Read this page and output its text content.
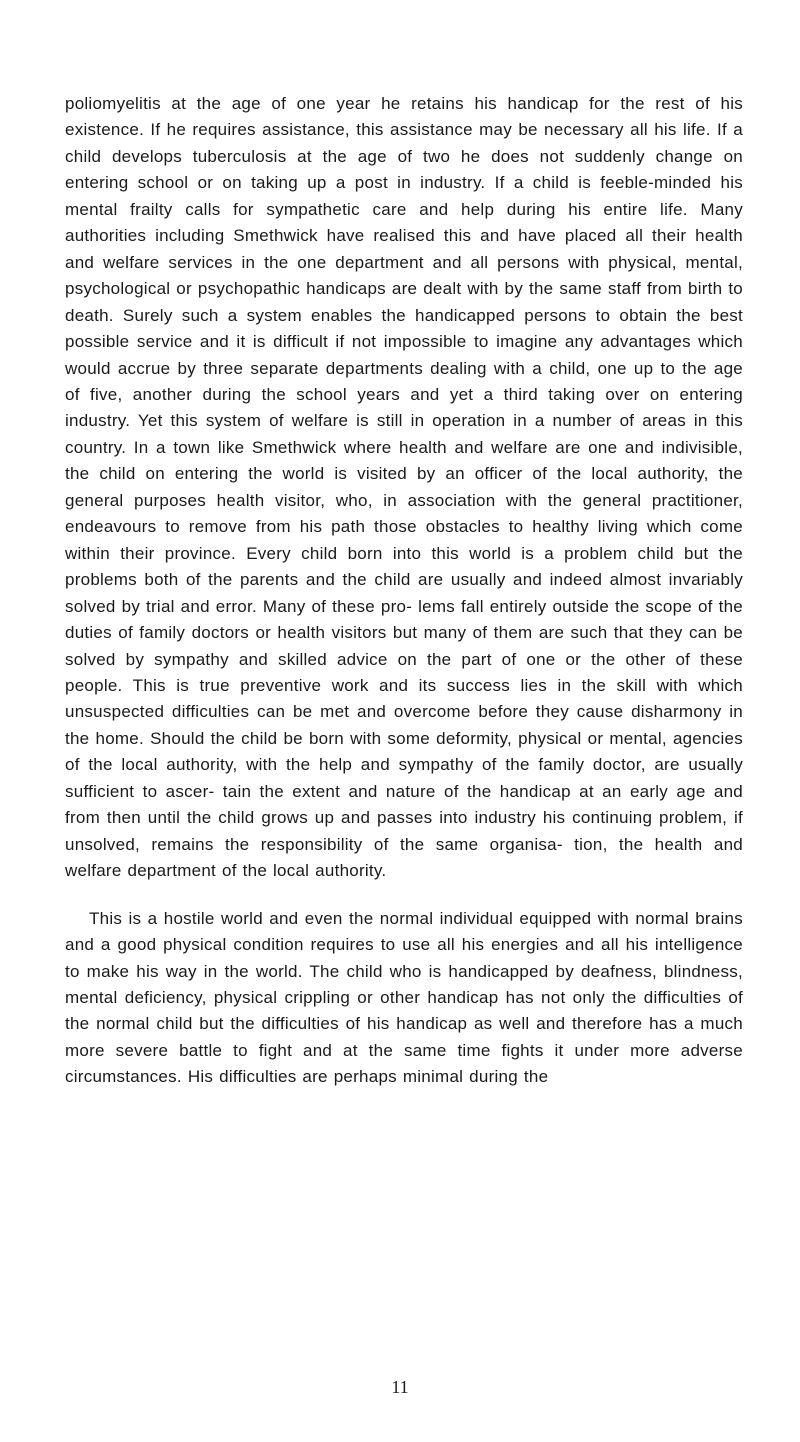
poliomyelitis at the age of one year he retains his handicap for the rest of his existence. If he requires assistance, this assistance may be necessary all his life. If a child develops tuberculosis at the age of two he does not suddenly change on entering school or on taking up a post in industry. If a child is feeble-minded his mental frailty calls for sympathetic care and help during his entire life. Many authorities including Smethwick have realised this and have placed all their health and welfare services in the one department and all persons with physical, mental, psychological or psychopathic handicaps are dealt with by the same staff from birth to death. Surely such a system enables the handicapped persons to obtain the best possible service and it is difficult if not impossible to imagine any advantages which would accrue by three separate departments dealing with a child, one up to the age of five, another during the school years and yet a third taking over on entering industry. Yet this system of welfare is still in operation in a number of areas in this country. In a town like Smethwick where health and welfare are one and indivisible, the child on entering the world is visited by an officer of the local authority, the general purposes health visitor, who, in association with the general practitioner, endeavours to remove from his path those obstacles to healthy living which come within their province. Every child born into this world is a problem child but the problems both of the parents and the child are usually and indeed almost invariably solved by trial and error. Many of these pro- lems fall entirely outside the scope of the duties of family doctors or health visitors but many of them are such that they can be solved by sympathy and skilled advice on the part of one or the other of these people. This is true preventive work and its success lies in the skill with which unsuspected difficulties can be met and overcome before they cause disharmony in the home. Should the child be born with some deformity, physical or mental, agencies of the local authority, with the help and sympathy of the family doctor, are usually sufficient to ascer- tain the extent and nature of the handicap at an early age and from then until the child grows up and passes into industry his continuing problem, if unsolved, remains the responsibility of the same organisa- tion, the health and welfare department of the local authority.

This is a hostile world and even the normal individual equipped with normal brains and a good physical condition requires to use all his energies and all his intelligence to make his way in the world. The child who is handicapped by deafness, blindness, mental deficiency, physical crippling or other handicap has not only the difficulties of the normal child but the difficulties of his handicap as well and therefore has a much more severe battle to fight and at the same time fights it under more adverse circumstances. His difficulties are perhaps minimal during the

11
